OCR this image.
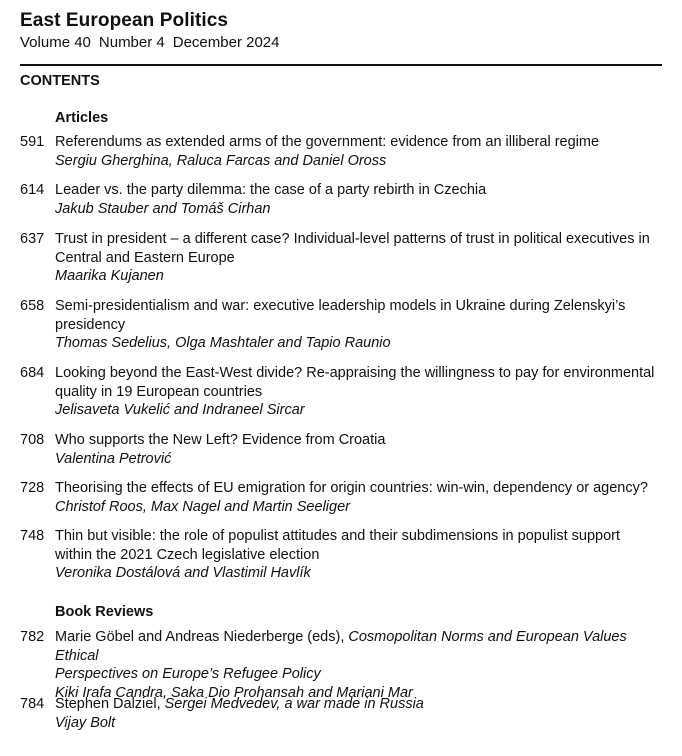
East European Politics
Volume 40 Number 4 December 2024
CONTENTS
Articles
591 Referendums as extended arms of the government: evidence from an illiberal regime
Sergiu Gherghina, Raluca Farcas and Daniel Oross
614 Leader vs. the party dilemma: the case of a party rebirth in Czechia
Jakub Stauber and Tomáš Cirhan
637 Trust in president – a different case? Individual-level patterns of trust in political executives in
Central and Eastern Europe
Maarika Kujanen
658 Semi-presidentialism and war: executive leadership models in Ukraine during Zelenskyi’s
presidency
Thomas Sedelius, Olga Mashtaler and Tapio Raunio
684 Looking beyond the East-West divide? Re-appraising the willingness to pay for environmental
quality in 19 European countries
Jelisaveta Vukelić and Indraneel Sircar
708 Who supports the New Left? Evidence from Croatia
Valentina Petrović
728 Theorising the effects of EU emigration for origin countries: win-win, dependency or agency?
Christof Roos, Max Nagel and Martin Seeliger
748 Thin but visible: the role of populist attitudes and their subdimensions in populist support
within the 2021 Czech legislative election
Veronika Dostálová and Vlastimil Havlík
Book Reviews
782 Marie Göbel and Andreas Niederberge (eds), Cosmopolitan Norms and European Values Ethical
Perspectives on Europe’s Refugee Policy
Kiki Irafa Candra, Saka Dio Prohansah and Mariani Mar
784 Stephen Dalziel, Sergei Medvedev, a war made in Russia
Vijay Bolt
